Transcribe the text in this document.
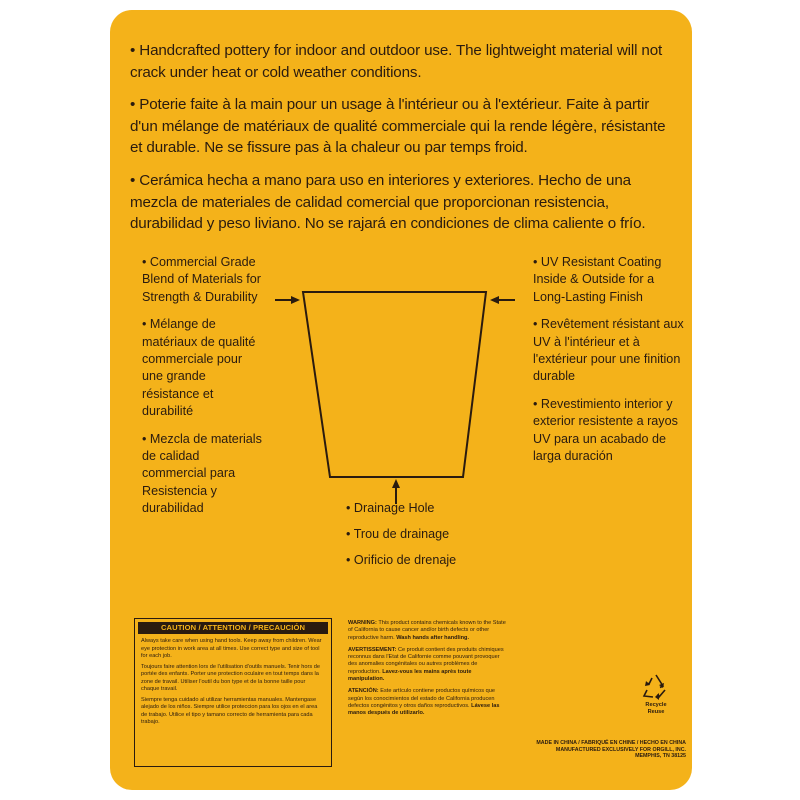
• Handcrafted pottery for indoor and outdoor use. The lightweight material will not crack under heat or cold weather conditions.
• Poterie faite à la main pour un usage à l'intérieur ou à l'extérieur. Faite à partir d'un mélange de matériaux de qualité commerciale qui la rende légère, résistante et durable. Ne se fissure pas à la chaleur ou par temps froid.
• Cerámica hecha a mano para uso en interiores y exteriores. Hecho de una mezcla de materiales de calidad comercial que proporcionan resistencia, durabilidad y peso liviano. No se rajará en condiciones de clima caliente o frío.

• Commercial Grade Blend of Materials for Strength & Durability

• Mélange de matériaux de qualité commerciale pour une grande résistance et durabilité

• Mezcla de materials de calidad commercial para Resistencia y durabilidad

• UV Resistant Coating Inside & Outside for a Long-Lasting Finish

• Revêtement résistant aux UV à l'intérieur et à l'extérieur pour une finition durable

• Revestimiento interior y exterior resistente a rayos UV para un acabado de larga duración

• Drainage Hole
• Trou de drainage
• Orificio de drenaje
CAUTION / ATTENTION / PRECAUCIÓN

Always take care when using hand tools. Keep away from children. Wear eye protection in work area at all times. Use correct type and size of tool for each job.

Toujours faire attention lors de l'utilisation d'outils manuels. Tenir hors de portée des enfants. Porter une protection oculaire en tout temps dans la zone de travail. Utiliser l'outil du bon type et de la bonne taille pour chaque travail.

Siempre tenga cuidado al utilizar herramientas manuales. Mantengase alejado de los niños. Siempre utilice proteccion para los ojos en el area de trabajo. Utilice el tipo y tamano correcto de herramienta para cada trabajo.

WARNING: This product contains chemicals known to the State of California to cause cancer and/or birth defects or other reproductive harm. Wash hands after handling.

AVERTISSEMENT: Ce produit contient des produits chimiques reconnus dans l'Etat de Californie comme pouvant provoquer des anomalies congénitales ou autres problèmes de reproduction. Lavez-vous les mains après toute manipulation.

ATENCIÓN: Este artículo contiene productos químicos que según los conocimientos del estado de California producen defectos congénitos y otros daños reproductivos. Lávese las manos después de utilizarlo.

Recycle
Reuse
MADE IN CHINA / FABRIQUÉ EN CHINE / HECHO EN CHINA
MANUFACTURED EXCLUSIVELY FOR ORGILL, INC.
MEMPHIS, TN 38125
